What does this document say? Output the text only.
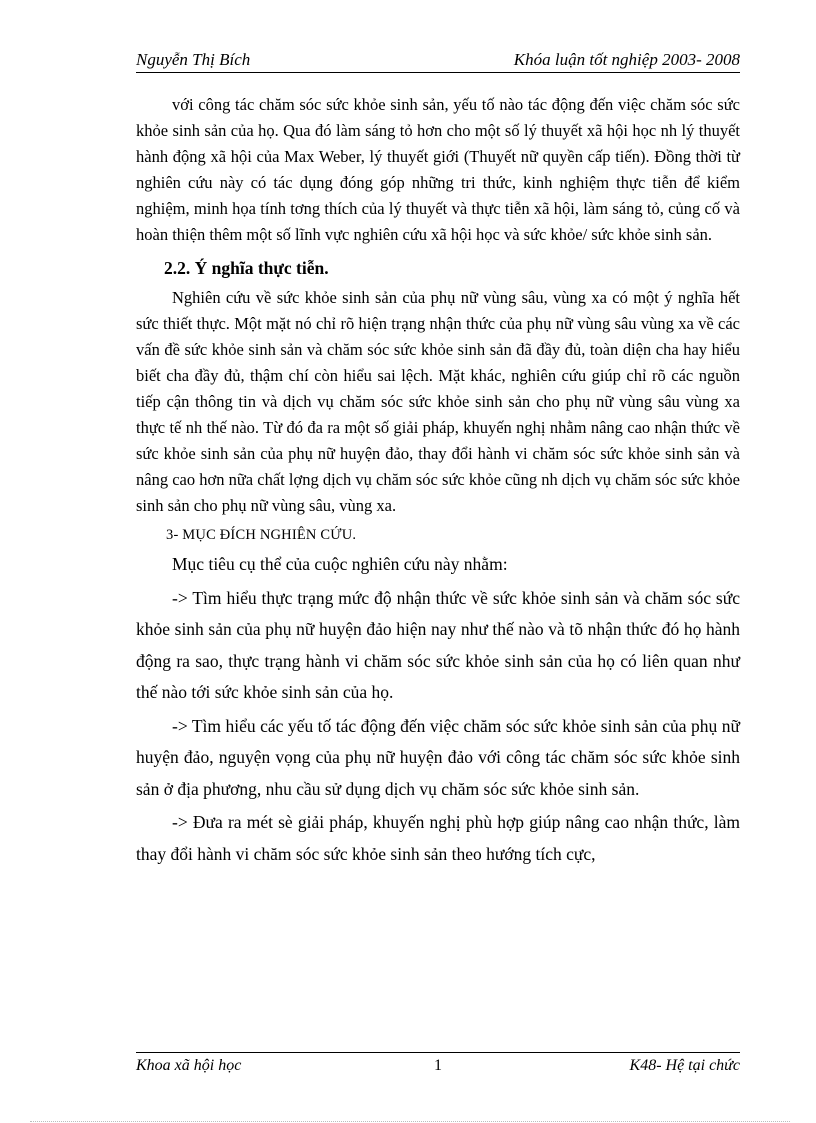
Nguyễn Thị Bích	Khóa luận tốt nghiệp 2003- 2008

với công tác chăm sóc sức khỏe sinh sản, yếu tố nào tác động đến việc chăm sóc sức khỏe sinh sản của họ. Qua đó làm sáng tỏ hơn cho một số lý thuyết xã hội học nh lý thuyết hành động xã hội của Max Weber, lý thuyết giới (Thuyết nữ quyền cấp tiến). Đồng thời từ nghiên cứu này có tác dụng đóng góp những tri thức, kinh nghiệm thực tiễn để kiểm nghiệm, minh họa tính tơng thích của lý thuyết và thực tiễn xã hội, làm sáng tỏ, củng cố và hoàn thiện thêm một số lĩnh vực nghiên cứu xã hội học và sức khỏe/ sức khỏe sinh sản.

2.2. Ý nghĩa thực tiễn.

Nghiên cứu về sức khỏe sinh sản của phụ nữ vùng sâu, vùng xa có một ý nghĩa hết sức thiết thực. Một mặt nó chỉ rõ hiện trạng nhận thức của phụ nữ vùng sâu vùng xa về các vấn đề sức khỏe sinh sản và chăm sóc sức khỏe sinh sản đã đầy đủ, toàn diện cha hay hiểu biết cha đầy đủ, thậm chí còn hiểu sai lệch. Mặt khác, nghiên cứu giúp chỉ rõ các nguồn tiếp cận thông tin và dịch vụ chăm sóc sức khỏe sinh sản cho phụ nữ vùng sâu vùng xa thực tế nh thế nào. Từ đó đa ra một số giải pháp, khuyến nghị nhằm nâng cao nhận thức về sức khỏe sinh sản của phụ nữ huyện đảo, thay đổi hành vi chăm sóc sức khỏe sinh sản và nâng cao hơn nữa chất lợng dịch vụ chăm sóc sức khỏe cũng nh dịch vụ chăm sóc sức khỏe sinh sản cho phụ nữ vùng sâu, vùng xa.

3- MỤC ĐÍCH NGHIÊN CỨU.

Mục tiêu cụ thể của cuộc nghiên cứu này nhằm:

-> Tìm hiểu thực trạng mức độ nhận thức về sức khỏe sinh sản và chăm sóc sức khỏe sinh sản của phụ nữ huyện đảo hiện nay như thế nào và tõ nhận thức đó họ hành động ra sao, thực trạng hành vi chăm sóc sức khỏe sinh sản của họ có liên quan như thế nào tới sức khỏe sinh sản của họ.

-> Tìm hiểu các yếu tố tác động đến việc chăm sóc sức khỏe sinh sản của phụ nữ huyện đảo, nguyện vọng của phụ nữ huyện đảo với công tác chăm sóc sức khỏe sinh sản ở địa phương, nhu cầu sử dụng dịch vụ chăm sóc sức khỏe sinh sản.

-> Đưa ra mét sè giải pháp, khuyến nghị phù hợp giúp nâng cao nhận thức, làm thay đổi hành vi chăm sóc sức khỏe sinh sản theo hướng tích cực,

Khoa xã hội học	1	K48- Hệ tại chức
